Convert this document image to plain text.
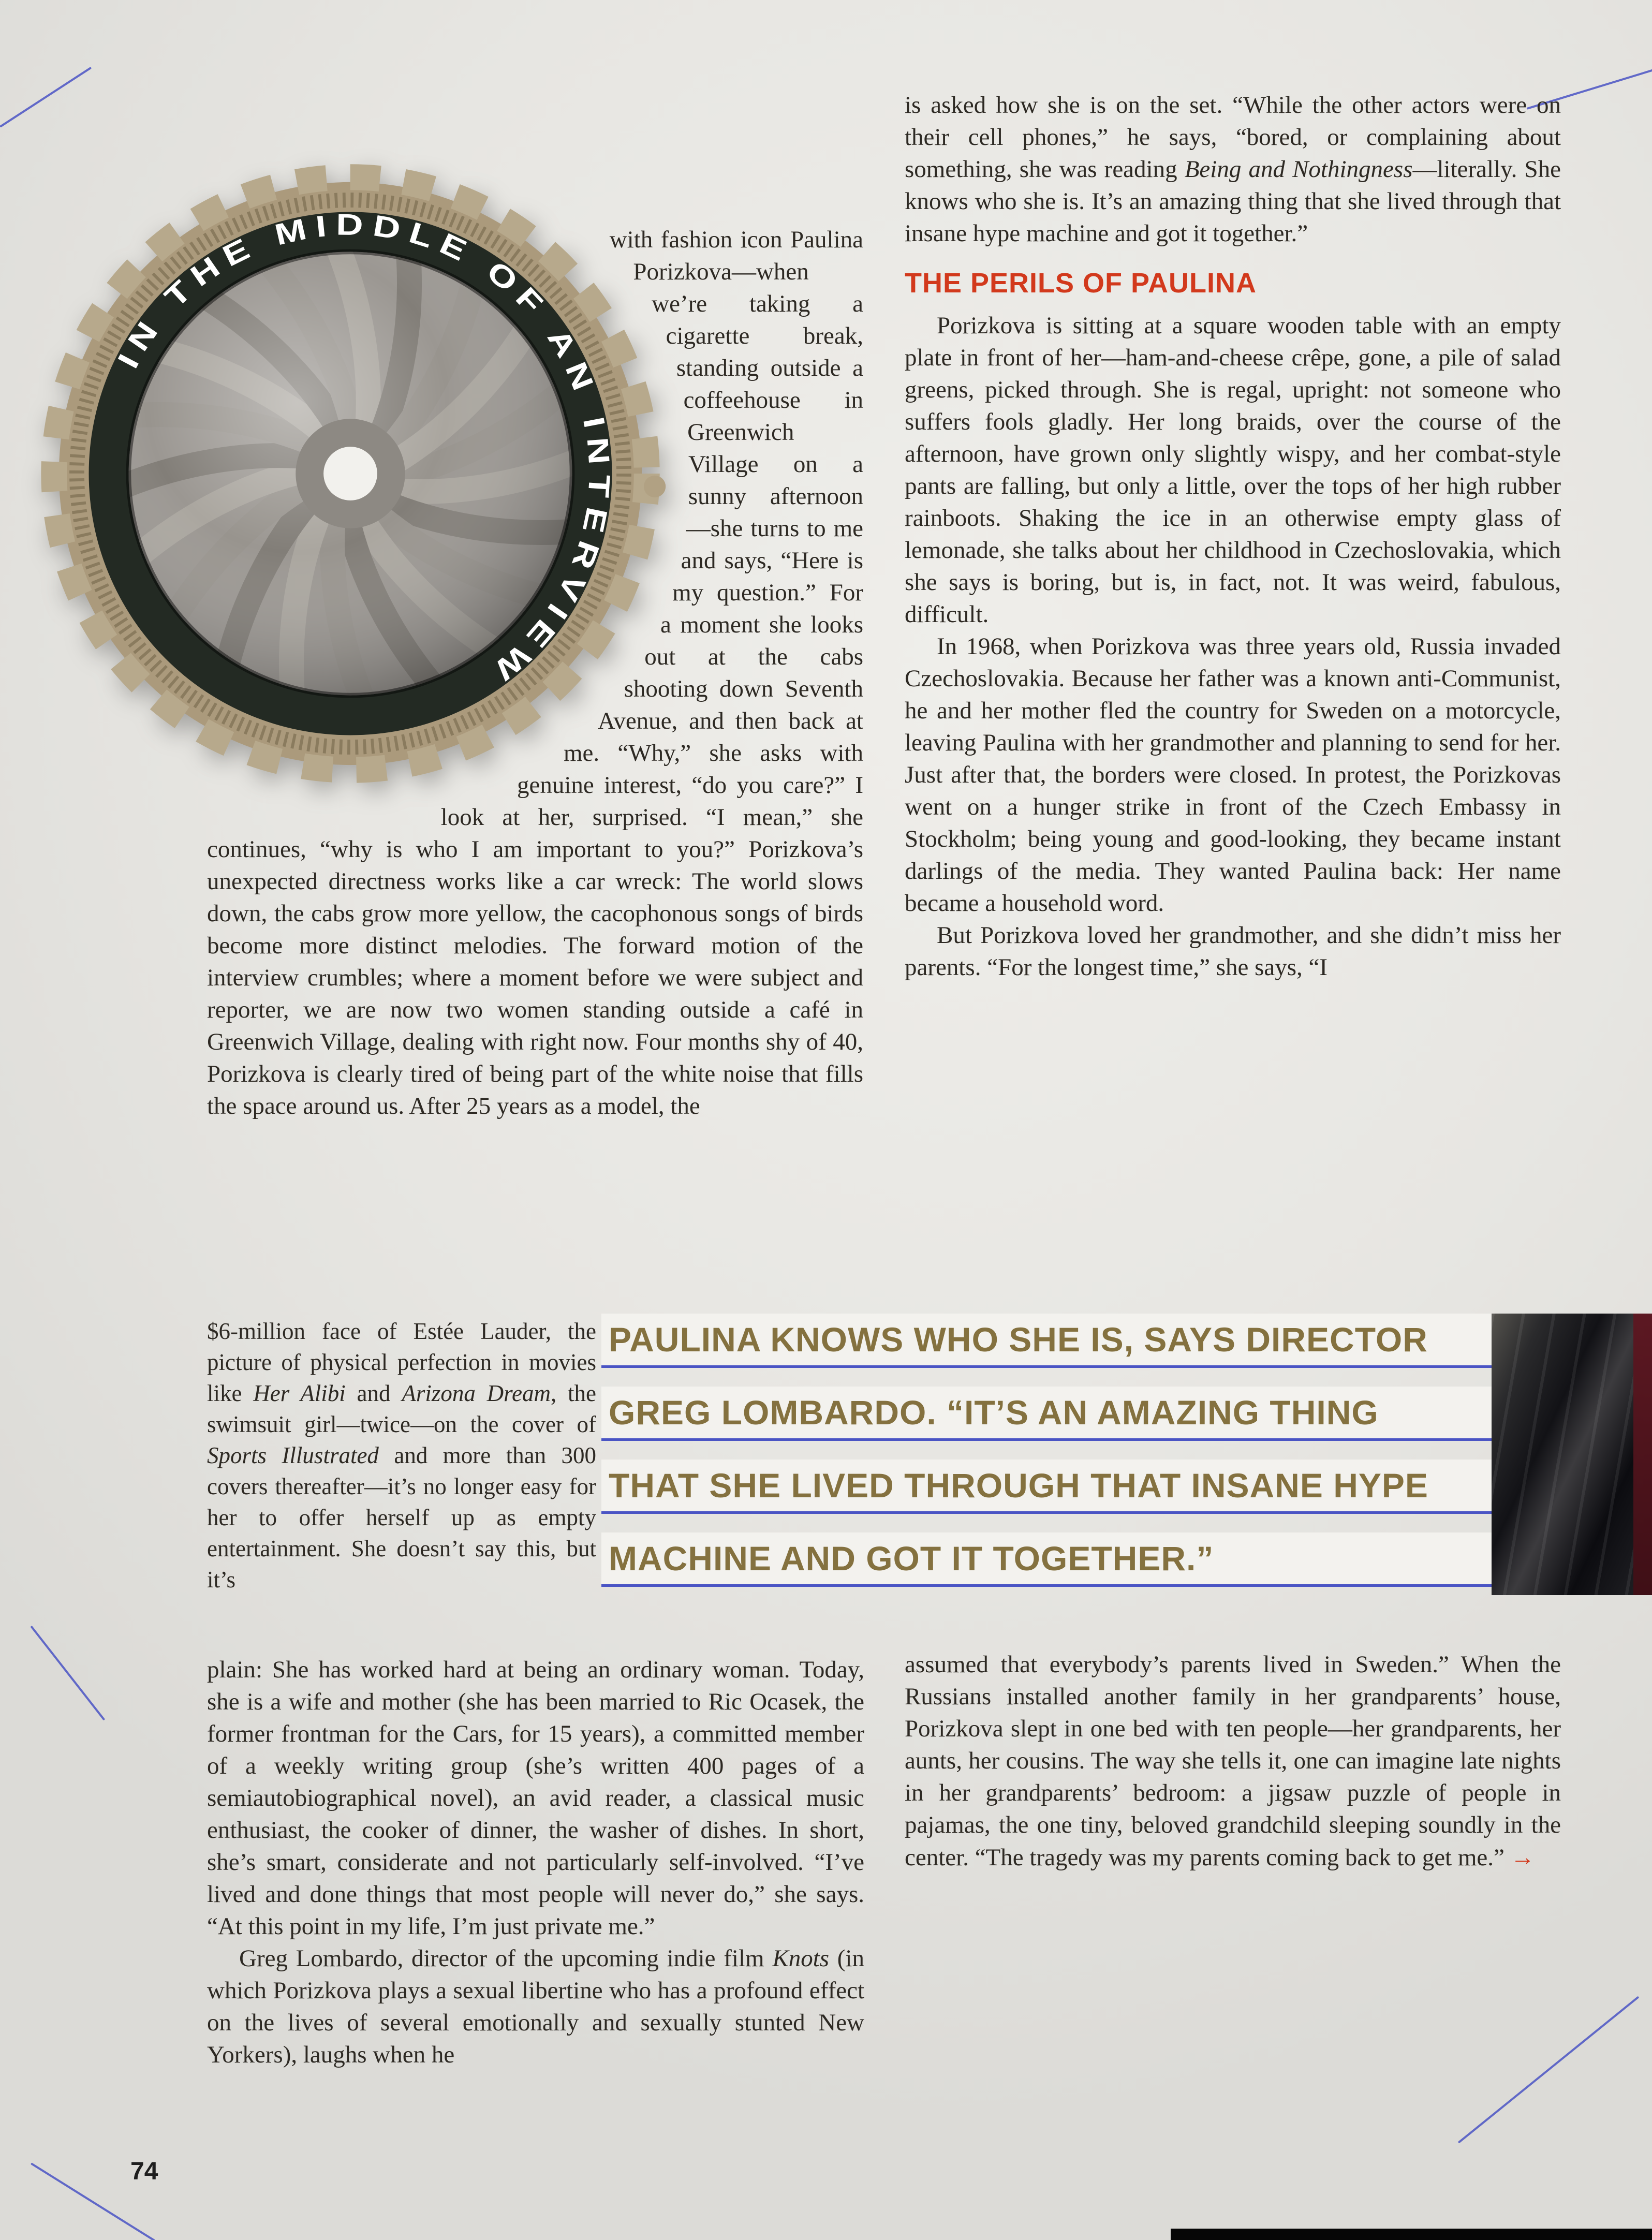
IN THE MIDDLE OF AN INTERVIEW

with fashion icon Paulina Porizkova—when we’re taking a cigarette break, standing outside a coffeehouse in Greenwich Village on a sunny afternoon—she turns to me and says, “Here is my question.” For a moment she looks out at the cabs shooting down Seventh Avenue, and then back at me. “Why,” she asks with genuine interest, “do you care?” I look at her, surprised. “I mean,” she continues, “why is who I am important to you?” Porizkova’s unexpected directness works like a car wreck: The world slows down, the cabs grow more yellow, the cacophonous songs of birds become more distinct melodies. The forward motion of the interview crumbles; where a moment before we were subject and reporter, we are now two women standing outside a café in Greenwich Village, dealing with right now. Four months shy of 40, Porizkova is clearly tired of being part of the white noise that fills the space around us. After 25 years as a model, the

$6-million face of Estée Lauder, the picture of physical perfection in movies like Her Alibi and Arizona Dream, the swimsuit girl—twice—on the cover of Sports Illustrated and more than 300 covers thereafter—it’s no longer easy for her to offer herself up as empty entertainment. She doesn’t say this, but it’s

plain: She has worked hard at being an ordinary woman. Today, she is a wife and mother (she has been married to Ric Ocasek, the former frontman for the Cars, for 15 years), a committed member of a weekly writing group (she’s written 400 pages of a semiautobiographical novel), an avid reader, a classical music enthusiast, the cooker of dinner, the washer of dishes. In short, she’s smart, considerate and not particularly self-involved. “I’ve lived and done things that most people will never do,” she says. “At this point in my life, I’m just private me.”

Greg Lombardo, director of the upcoming indie film Knots (in which Porizkova plays a sexual libertine who has a profound effect on the lives of several emotionally and sexually stunted New Yorkers), laughs when he

is asked how she is on the set. “While the other actors were on their cell phones,” he says, “bored, or complaining about something, she was reading Being and Nothingness—literally. She knows who she is. It’s an amazing thing that she lived through that insane hype machine and got it together.”

THE PERILS OF PAULINA

Porizkova is sitting at a square wooden table with an empty plate in front of her—ham-and-cheese crêpe, gone, a pile of salad greens, picked through. She is regal, upright: not someone who suffers fools gladly. Her long braids, over the course of the afternoon, have grown only slightly wispy, and her combat-style pants are falling, but only a little, over the tops of her high rubber rainboots. Shaking the ice in an otherwise empty glass of lemonade, she talks about her childhood in Czechoslovakia, which she says is boring, but is, in fact, not. It was weird, fabulous, difficult.

In 1968, when Porizkova was three years old, Russia invaded Czechoslovakia. Because her father was a known anti-Communist, he and her mother fled the country for Sweden on a motorcycle, leaving Paulina with her grandmother and planning to send for her. Just after that, the borders were closed. In protest, the Porizkovas went on a hunger strike in front of the Czech Embassy in Stockholm; being young and good-looking, they became instant darlings of the media. They wanted Paulina back: Her name became a household word.

But Porizkova loved her grandmother, and she didn’t miss her parents. “For the longest time,” she says, “I

PAULINA KNOWS WHO SHE IS, SAYS DIRECTOR
GREG LOMBARDO. “IT’S AN AMAZING THING
THAT SHE LIVED THROUGH THAT INSANE HYPE
MACHINE AND GOT IT TOGETHER.”

assumed that everybody’s parents lived in Sweden.” When the Russians installed another family in her grandparents’ house, Porizkova slept in one bed with ten people—her grandparents, her aunts, her cousins. The way she tells it, one can imagine late nights in her grandparents’ bedroom: a jigsaw puzzle of people in pajamas, the one tiny, beloved grandchild sleeping soundly in the center. “The tragedy was my parents coming back to get me.” →

74
